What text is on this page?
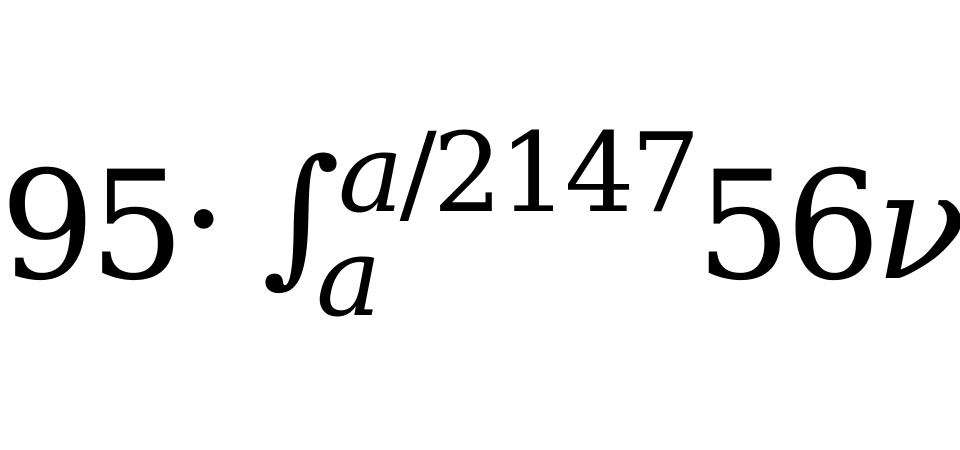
95 · ∫
a/2147
a 56ν
